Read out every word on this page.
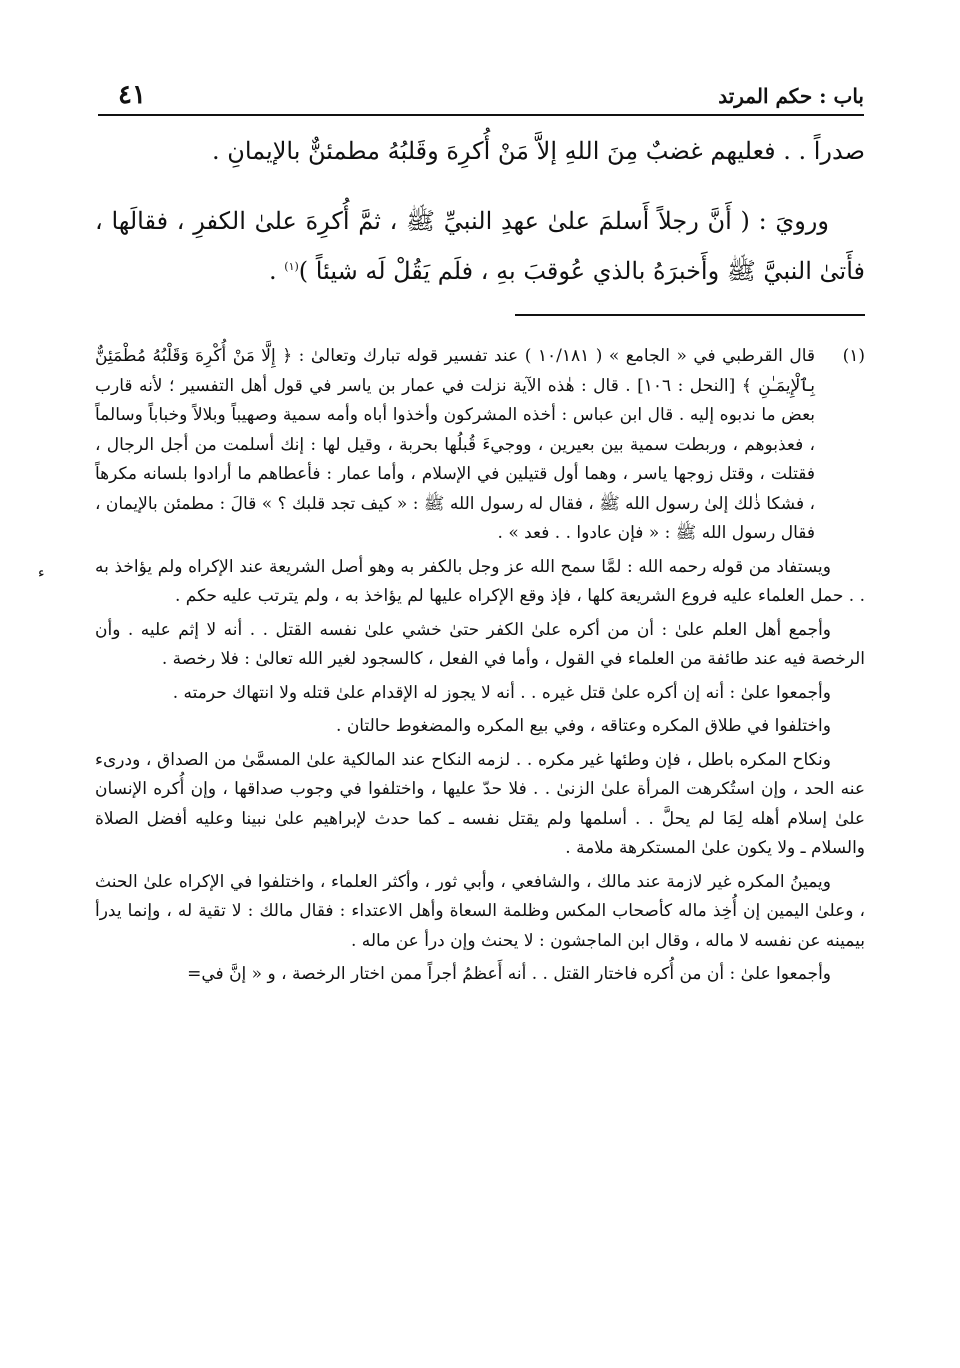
باب : حكم المرتد
٤١

صدراً . . فعليهم غضبٌ مِنَ اللهِ إلاَّ مَنْ أُكرِهَ وقَلبُهُ مطمئنٌّ بالإيمانِ .

ورويَ : ( أَنَّ رجلاً أَسلمَ علىٰ عهدِ النبيِّ ﷺ ، ثمَّ أُكرِهَ علىٰ الكفرِ ، فقالَها ، فأَتىٰ النبيَّ ﷺ وأَخبرَهُ بالذي عُوقبَ بهِ ، فلَم يَقُلْ لَه شيئاً )$^{(١)}$ .

(١)

قال القرطبي في « الجامع » ( ١٠/١٨١ ) عند تفسير قوله تبارك وتعالىٰ : ﴿ إِلَّا مَنْ أُكْرِهَ وَقَلْبُهُ مُطْمَئِنٌّ بِٱلْإِيمَـٰنِ ﴾ [النحل : ١٠٦] . قال : هٰذه الآية نزلت في عمار بن ياسر في قول أهل التفسير ؛ لأنه قارب بعض ما ندبوه إليه . قال ابن عباس : أخذه المشركون وأخذوا أباه وأمه سمية وصهيباً وبلالاً وخباباً وسالماً ، فعذبوهم ، وربطت سمية بين بعيرين ، ووجيءَ قُبلُها بحربة ، وقيل لها : إنك أسلمت من أجل الرجال ، فقتلت ، وقتل زوجها ياسر ، وهما أول قتيلين في الإسلام ، وأما عمار : فأعطاهم ما أرادوا بلسانه مكرهاً ، فشكا ذٰلك إلىٰ رسول الله ﷺ ، فقال له رسول الله ﷺ : « كيف تجد قلبك ؟ » قالَ : مطمئن بالإيمان ، فقال رسول الله ﷺ : « فإن عادوا . . فعد » .

ويستفاد من قوله رحمه الله : لمَّا سمح الله عز وجل بالكفر به وهو أصل الشريعة عند الإكراه ولم يؤاخذ به . . حمل العلماء عليه فروع الشريعة كلها ، فإذ وقع الإكراه عليها لم يؤاخذ به ، ولم يترتب عليه حكم .

وأجمع أهل العلم علىٰ : أن من أكره علىٰ الكفر حتىٰ خشي علىٰ نفسه القتل . . أنه لا إثم عليه . وأن الرخصة فيه عند طائفة من العلماء في القول ، وأما في الفعل ، كالسجود لغير الله تعالىٰ : فلا رخصة .

وأجمعوا علىٰ : أنه إن أكره علىٰ قتل غيره . . أنه لا يجوز له الإقدام علىٰ قتله ولا انتهاك حرمته .

واختلفوا في طلاق المكره وعتاقه ، وفي بيع المكره والمضغوط حالتان .

ونكاح المكره باطل ، فإن وطئها غير مكره . . لزمه النكاح عند المالكية علىٰ المسمَّىٰ من الصداق ، ودرىء عنه الحد ، وإن استُكرهت المرأة علىٰ الزنىٰ . . فلا حدّ عليها ، واختلفوا في وجوب صداقها ، وإن أُكره الإنسان علىٰ إسلام أهله لِمَا لم يحلَّ . . أسلمها ولم يقتل نفسه ـ كما حدث لإبراهيم علىٰ نبينا وعليه أفضل الصلاة والسلام ـ ولا يكون علىٰ المستكرهة ملامة .

ويمينُ المكره غير لازمة عند مالك ، والشافعي ، وأبي ثور ، وأكثر العلماء ، واختلفوا في الإكراه علىٰ الحنث ، وعلىٰ اليمين إن أُخِذ ماله كأصحاب المكس وظلمة السعاة وأهل الاعتداء : فقال مالك : لا تقية له ، وإنما يدرأ بيمينه عن نفسه لا ماله ، وقال ابن الماجشون : لا يحنث وإن درأ عن ماله .

وأجمعوا علىٰ : أن من أُكره فاختار القتل . . أنه أَعظمُ أجراً ممن اختار الرخصة ، و « إنَّ في=

ء
